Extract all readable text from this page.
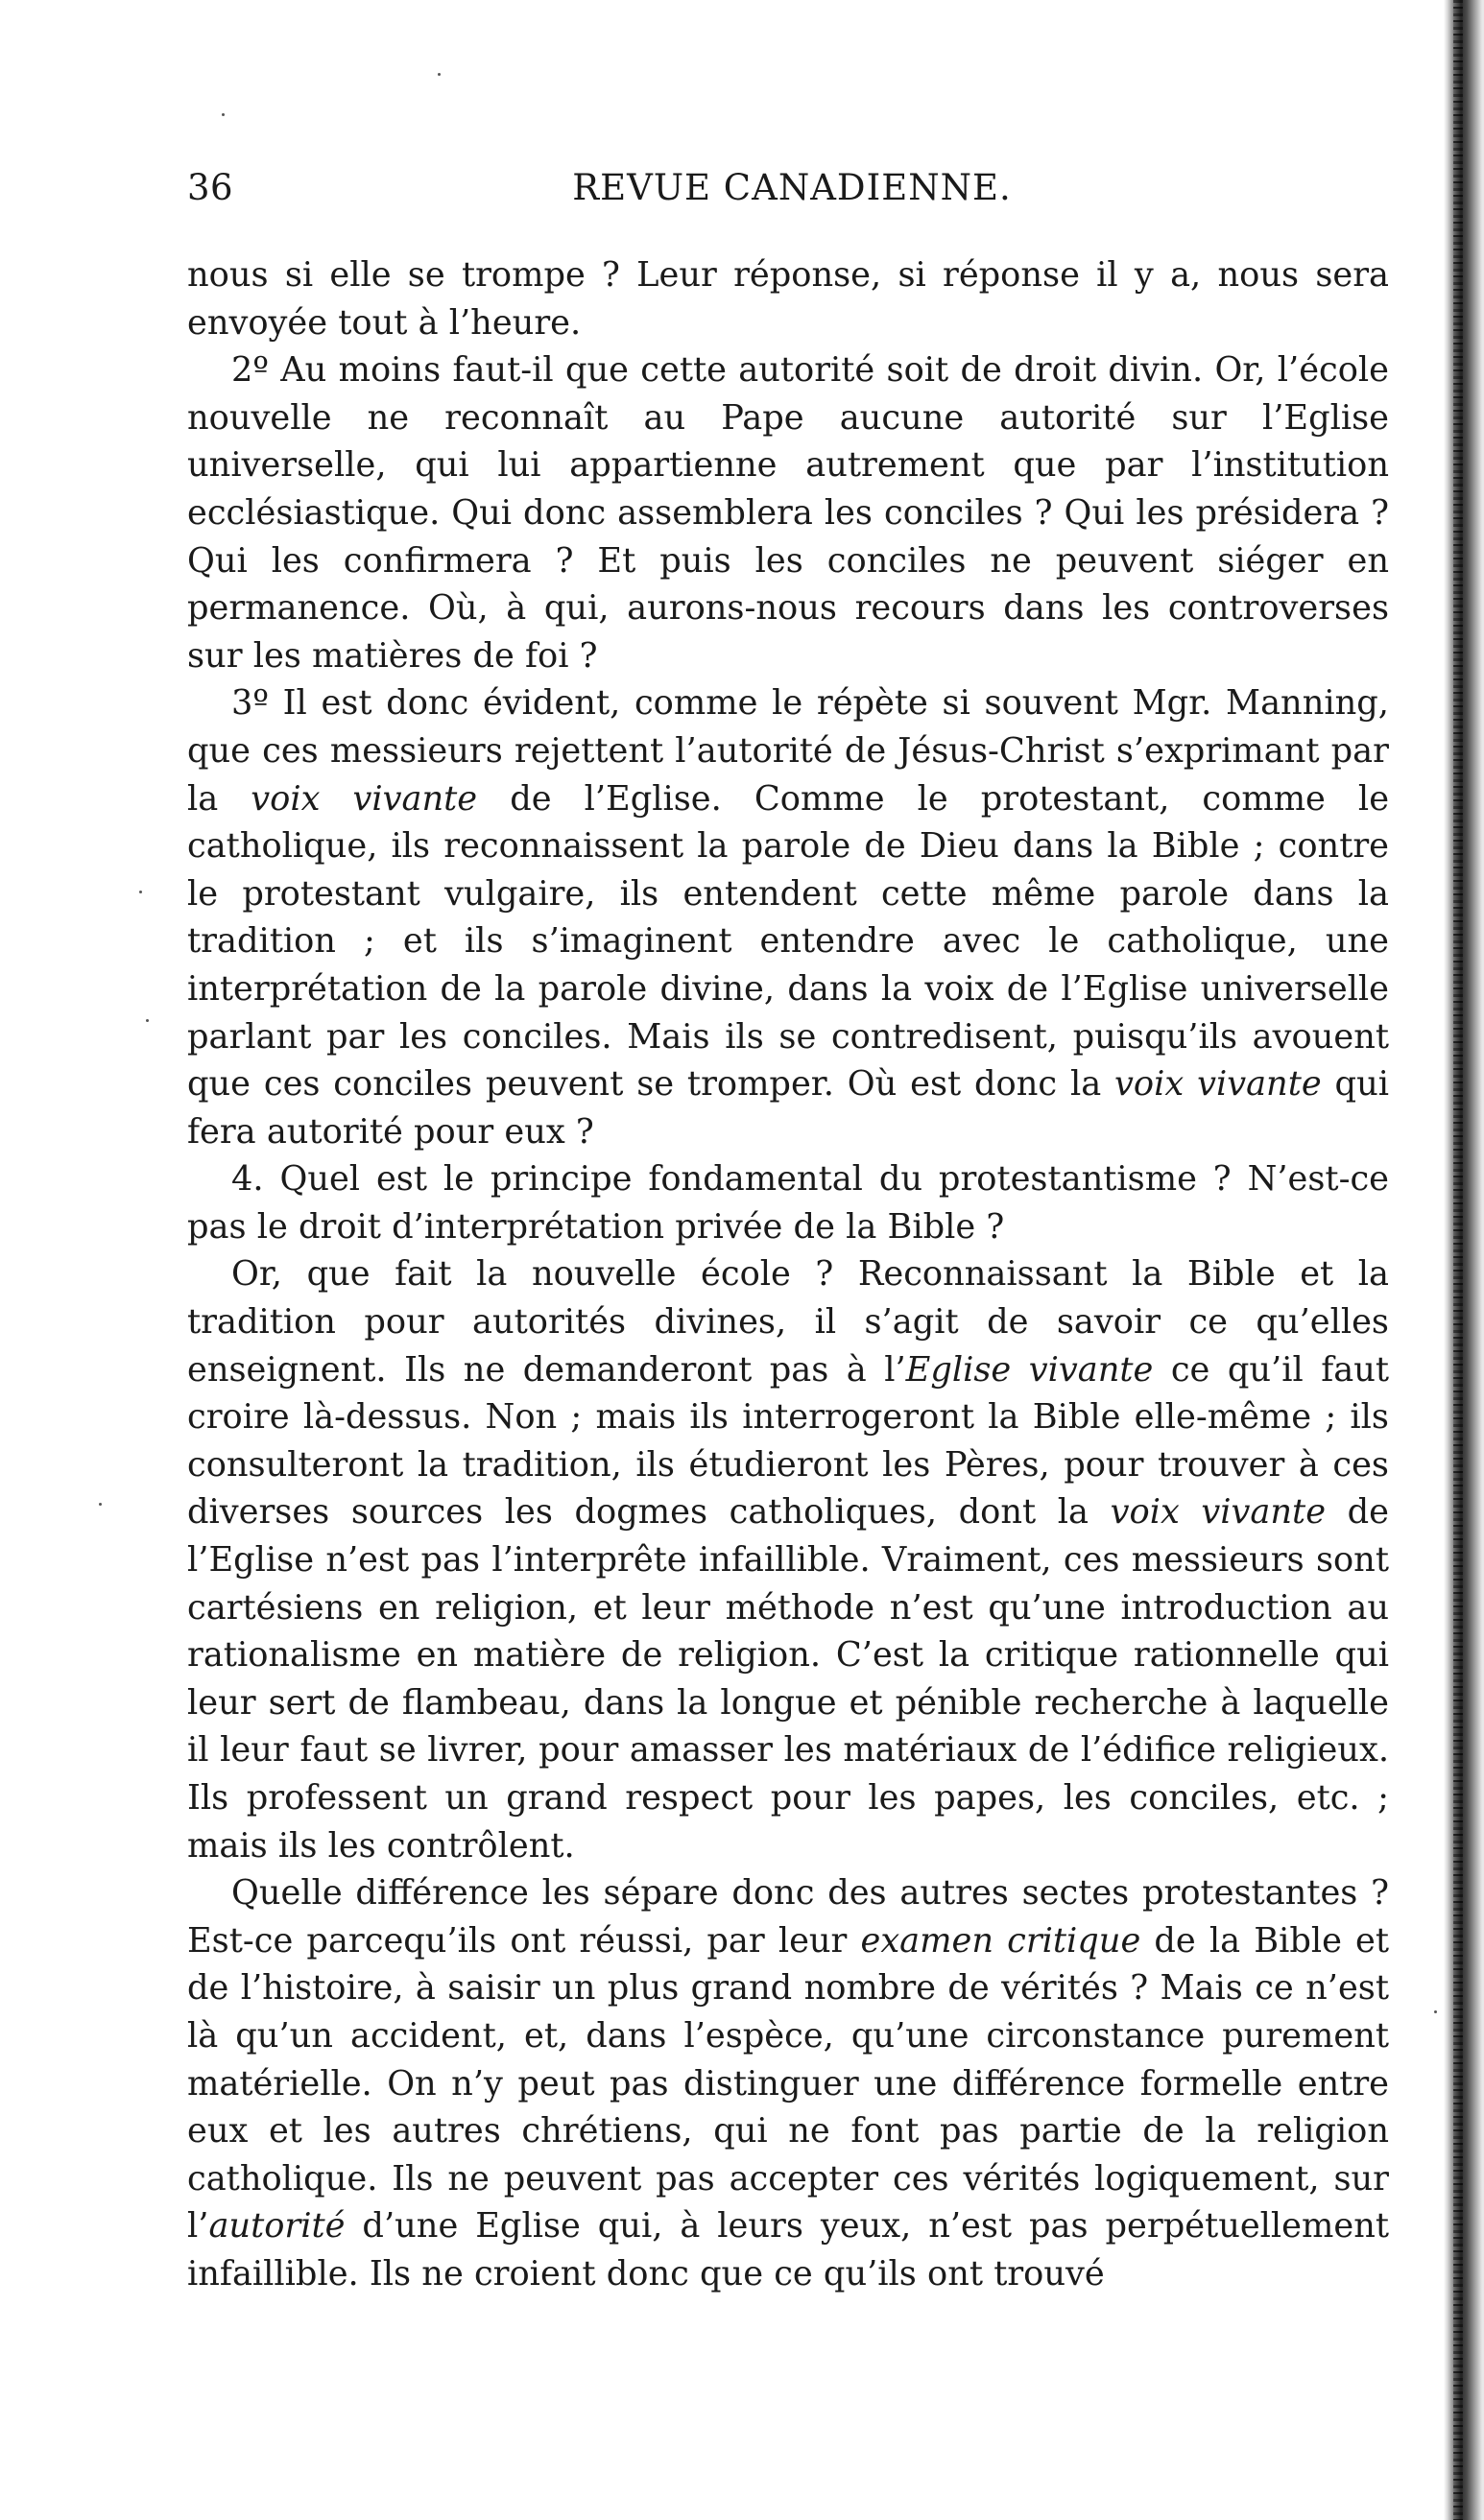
36	REVUE CANADIENNE.

nous si elle se trompe ? Leur réponse, si réponse il y a, nous sera envoyée tout à l’heure.

2º Au moins faut-il que cette autorité soit de droit divin. Or, l’école nouvelle ne reconnaît au Pape aucune autorité sur l’Eglise universelle, qui lui appartienne autrement que par l’institution ecclésiastique. Qui donc assemblera les conciles ? Qui les présidera ? Qui les confirmera ? Et puis les conciles ne peuvent siéger en permanence. Où, à qui, aurons-nous recours dans les controverses sur les matières de foi ?

3º Il est donc évident, comme le répète si souvent Mgr. Manning, que ces messieurs rejettent l’autorité de Jésus-Christ s’exprimant par la voix vivante de l’Eglise. Comme le protestant, comme le catholique, ils reconnaissent la parole de Dieu dans la Bible ; contre le protestant vulgaire, ils entendent cette même parole dans la tradition ; et ils s’imaginent entendre avec le catholique, une interprétation de la parole divine, dans la voix de l’Eglise universelle parlant par les conciles. Mais ils se contredisent, puisqu’ils avouent que ces conciles peuvent se tromper. Où est donc la voix vivante qui fera autorité pour eux ?

4. Quel est le principe fondamental du protestantisme ? N’est-ce pas le droit d’interprétation privée de la Bible ?

Or, que fait la nouvelle école ? Reconnaissant la Bible et la tradition pour autorités divines, il s’agit de savoir ce qu’elles enseignent. Ils ne demanderont pas à l’Eglise vivante ce qu’il faut croire là-dessus. Non ; mais ils interrogeront la Bible elle-même ; ils consulteront la tradition, ils étudieront les Pères, pour trouver à ces diverses sources les dogmes catholiques, dont la voix vivante de l’Eglise n’est pas l’interprête infaillible. Vraiment, ces messieurs sont cartésiens en religion, et leur méthode n’est qu’une introduction au rationalisme en matière de religion. C’est la critique rationnelle qui leur sert de flambeau, dans la longue et pénible recherche à laquelle il leur faut se livrer, pour amasser les matériaux de l’édifice religieux. Ils professent un grand respect pour les papes, les conciles, etc. ; mais ils les contrôlent.

Quelle différence les sépare donc des autres sectes protestantes ? Est-ce parcequ’ils ont réussi, par leur examen critique de la Bible et de l’histoire, à saisir un plus grand nombre de vérités ? Mais ce n’est là qu’un accident, et, dans l’espèce, qu’une circonstance purement matérielle. On n’y peut pas distinguer une différence formelle entre eux et les autres chrétiens, qui ne font pas partie de la religion catholique. Ils ne peuvent pas accepter ces vérités logiquement, sur l’autorité d’une Eglise qui, à leurs yeux, n’est pas perpétuellement infaillible. Ils ne croient donc que ce qu’ils ont trouvé
